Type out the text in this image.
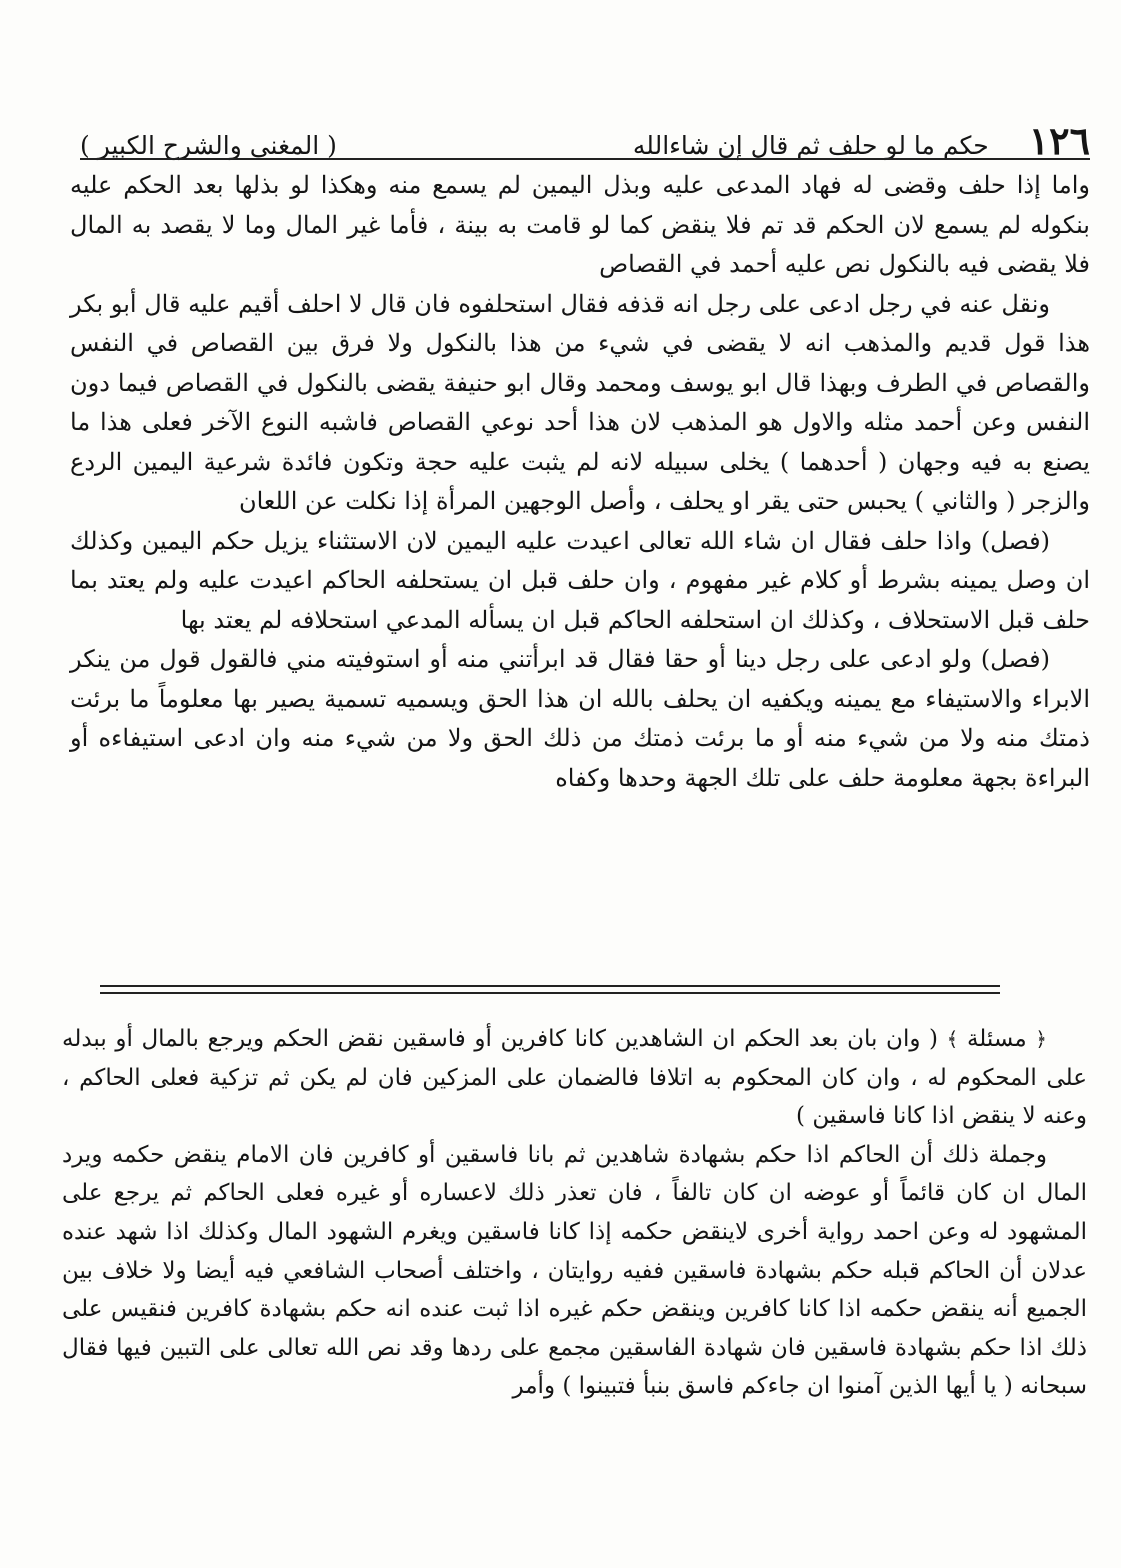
١٢٦
حكم ما لو حلف ثم قال إن شاءالله
( المغني والشرح الكبير )

واما إذا حلف وقضى له فهاد المدعى عليه وبذل اليمين لم يسمع منه وهكذا لو بذلها بعد الحكم عليه بنكوله لم يسمع لان الحكم قد تم فلا ينقض كما لو قامت به بينة ، فأما غير المال وما لا يقصد به المال فلا يقضى فيه بالنكول نص عليه أحمد في القصاص

ونقل عنه في رجل ادعى على رجل انه قذفه فقال استحلفوه فان قال لا احلف أقيم عليه قال أبو بكر هذا قول قديم والمذهب انه لا يقضى في شيء من هذا بالنكول ولا فرق بين القصاص في النفس والقصاص في الطرف وبهذا قال ابو يوسف ومحمد وقال ابو حنيفة يقضى بالنكول في القصاص فيما دون النفس وعن أحمد مثله والاول هو المذهب لان هذا أحد نوعي القصاص فاشبه النوع الآخر فعلى هذا ما يصنع به فيه وجهان ( أحدهما ) يخلى سبيله لانه لم يثبت عليه حجة وتكون فائدة شرعية اليمين الردع والزجر ( والثاني ) يحبس حتى يقر او يحلف ، وأصل الوجهين المرأة إذا نكلت عن اللعان

(فصل) واذا حلف فقال ان شاء الله تعالى اعيدت عليه اليمين لان الاستثناء يزيل حكم اليمين وكذلك ان وصل يمينه بشرط أو كلام غير مفهوم ، وان حلف قبل ان يستحلفه الحاكم اعيدت عليه ولم يعتد بما حلف قبل الاستحلاف ، وكذلك ان استحلفه الحاكم قبل ان يسأله المدعي استحلافه لم يعتد بها

(فصل) ولو ادعى على رجل دينا أو حقا فقال قد ابرأتني منه أو استوفيته مني فالقول قول من ينكر الابراء والاستيفاء مع يمينه ويكفيه ان يحلف بالله ان هذا الحق ويسميه تسمية يصير بها معلوماً ما برئت ذمتك منه ولا من شيء منه أو ما برئت ذمتك من ذلك الحق ولا من شيء منه وان ادعى استيفاءه أو البراءة بجهة معلومة حلف على تلك الجهة وحدها وكفاه

﴿ مسئلة ﴾ ( وان بان بعد الحكم ان الشاهدين كانا كافرين أو فاسقين نقض الحكم ويرجع بالمال أو ببدله على المحكوم له ، وان كان المحكوم به اتلافا فالضمان على المزكين فان لم يكن ثم تزكية فعلى الحاكم ، وعنه لا ينقض اذا كانا فاسقين )

وجملة ذلك أن الحاكم اذا حكم بشهادة شاهدين ثم بانا فاسقين أو كافرين فان الامام ينقض حكمه ويرد المال ان كان قائماً أو عوضه ان كان تالفاً ، فان تعذر ذلك لاعساره أو غيره فعلى الحاكم ثم يرجع على المشهود له وعن احمد رواية أخرى لاينقض حكمه إذا كانا فاسقين ويغرم الشهود المال وكذلك اذا شهد عنده عدلان أن الحاكم قبله حكم بشهادة فاسقين ففيه روايتان ، واختلف أصحاب الشافعي فيه أيضا ولا خلاف بين الجميع أنه ينقض حكمه اذا كانا كافرين وينقض حكم غيره اذا ثبت عنده انه حكم بشهادة كافرين فنقيس على ذلك اذا حكم بشهادة فاسقين فان شهادة الفاسقين مجمع على ردها وقد نص الله تعالى على التبين فيها فقال سبحانه ( يا أيها الذين آمنوا ان جاءكم فاسق بنبأ فتبينوا ) وأمر
